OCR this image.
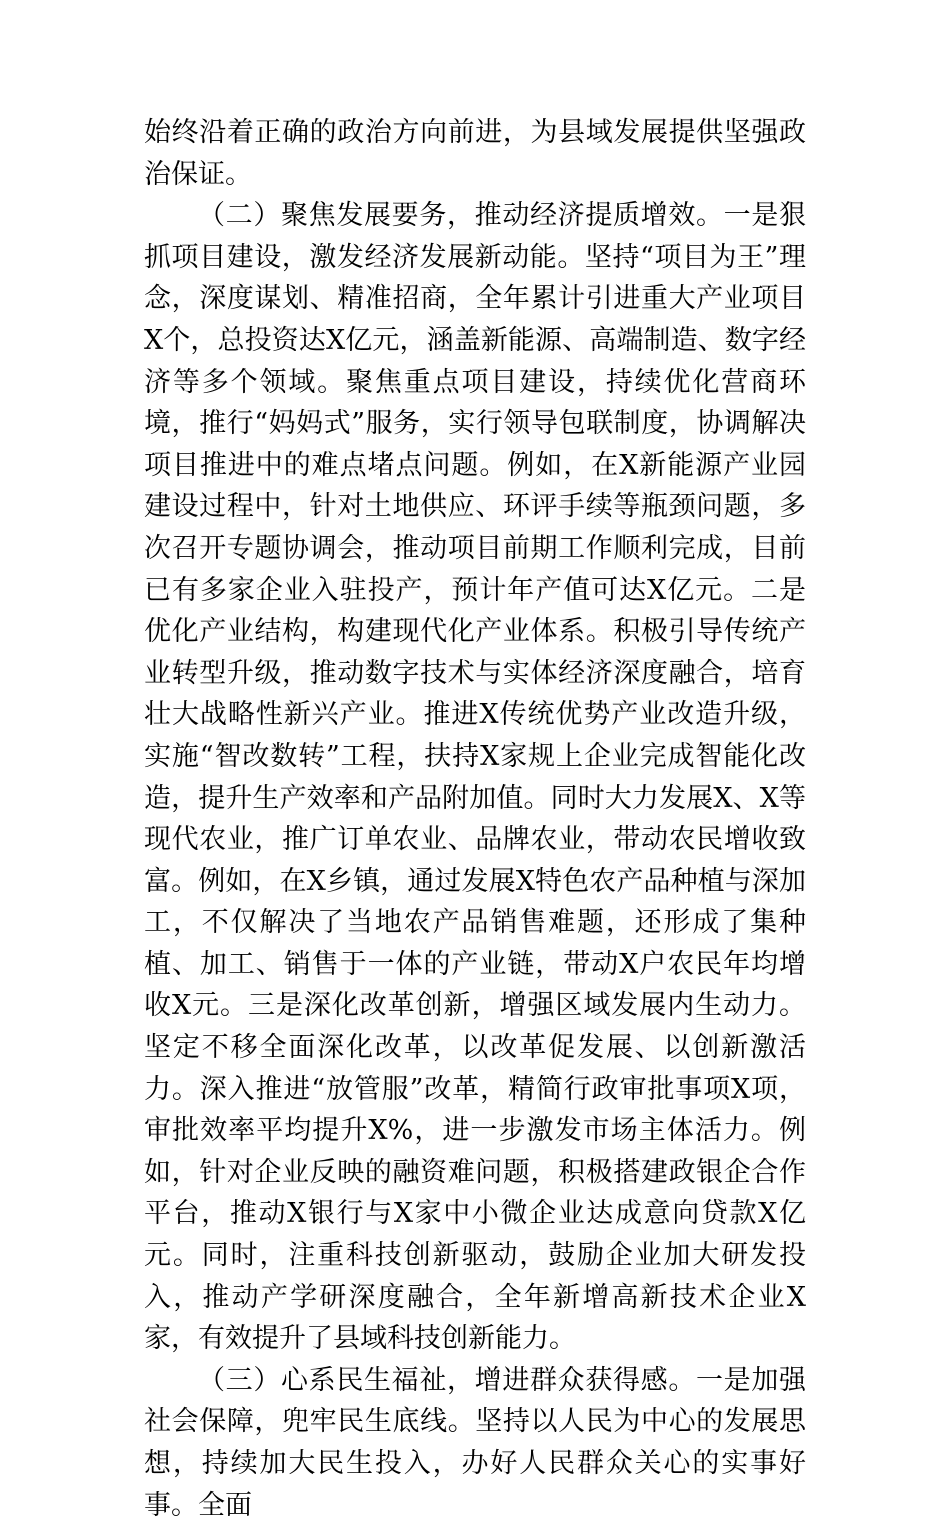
始终沿着正确的政治方向前进，为县域发展提供坚强政治保证。

（二）聚焦发展要务，推动经济提质增效。一是狠抓项目建设，激发经济发展新动能。坚持“项目为王”理念，深度谋划、精准招商，全年累计引进重大产业项目X个，总投资达X亿元，涵盖新能源、高端制造、数字经济等多个领域。聚焦重点项目建设，持续优化营商环境，推行“妈妈式”服务，实行领导包联制度，协调解决项目推进中的难点堵点问题。例如，在X新能源产业园建设过程中，针对土地供应、环评手续等瓶颈问题，多次召开专题协调会，推动项目前期工作顺利完成，目前已有多家企业入驻投产，预计年产值可达X亿元。二是优化产业结构，构建现代化产业体系。积极引导传统产业转型升级，推动数字技术与实体经济深度融合，培育壮大战略性新兴产业。推进X传统优势产业改造升级，实施“智改数转”工程，扶持X家规上企业完成智能化改造，提升生产效率和产品附加值。同时大力发展X、X等现代农业，推广订单农业、品牌农业，带动农民增收致富。例如，在X乡镇，通过发展X特色农产品种植与深加工，不仅解决了当地农产品销售难题，还形成了集种植、加工、销售于一体的产业链，带动X户农民年均增收X元。三是深化改革创新，增强区域发展内生动力。坚定不移全面深化改革，以改革促发展、以创新激活力。深入推进“放管服”改革，精简行政审批事项X项，审批效率平均提升X%，进一步激发市场主体活力。例如，针对企业反映的融资难问题，积极搭建政银企合作平台，推动X银行与X家中小微企业达成意向贷款X亿元。同时，注重科技创新驱动，鼓励企业加大研发投入，推动产学研深度融合，全年新增高新技术企业X家，有效提升了县域科技创新能力。

（三）心系民生福祉，增进群众获得感。一是加强社会保障，兜牢民生底线。坚持以人民为中心的发展思想，持续加大民生投入，办好人民群众关心的实事好事。全面
